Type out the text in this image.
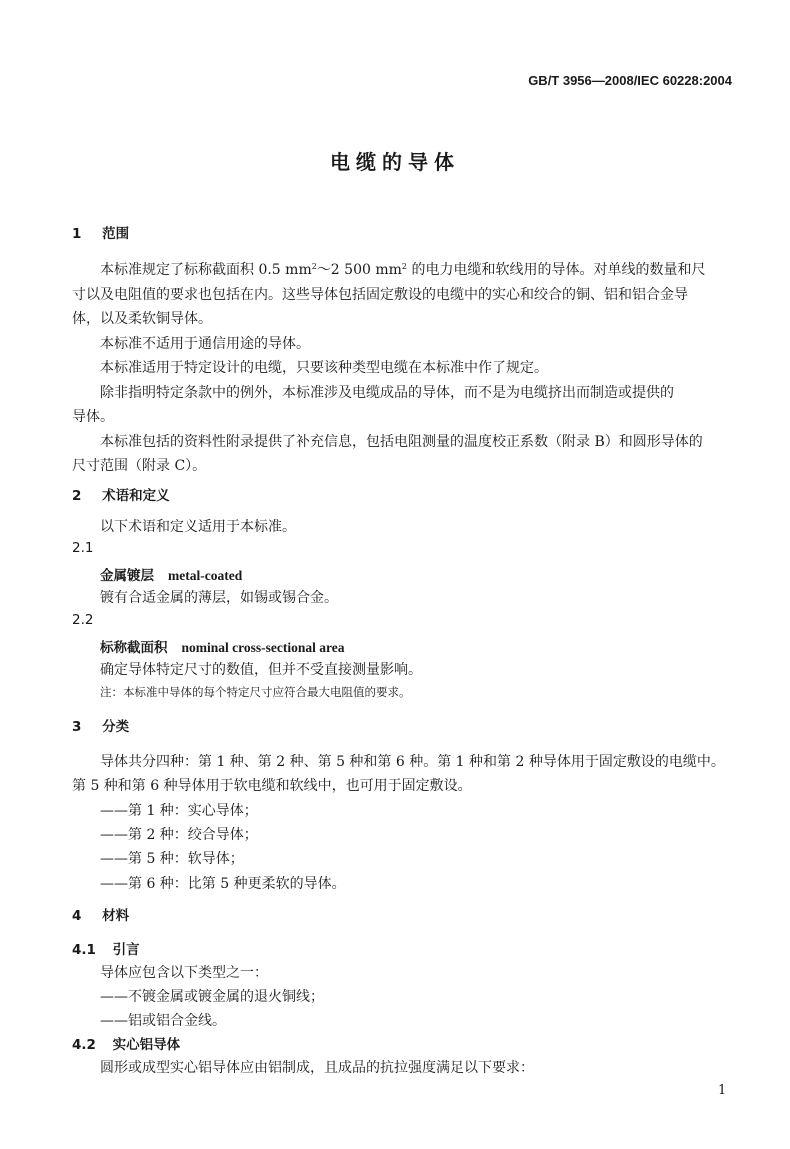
GB/T 3956—2008/IEC 60228:2004
电缆的导体
1 范围
本标准规定了标称截面积 0.5 $mm^2\sim 2$ 500 $mm^2$ 的电力电缆和软线用的导体。对单线的数量和尺
寸以及电阻值的要求也包括在内。这些导体包括固定敷设的电缆中的实心和绞合的铜、铝和铝合金导
体，以及柔软铜导体。
本标准不适用于通信用途的导体。
本标准适用于特定设计的电缆，只要该种类型电缆在本标准中作了规定。
除非指明特定条款中的例外，本标准涉及电缆成品的导体，而不是为电缆挤出而制造或提供的
导体。
本标准包括的资料性附录提供了补充信息，包括电阻测量的温度校正系数（附录 B）和圆形导体的
尺寸范围（附录 C）。
2 术语和定义
以下术语和定义适用于本标准。
2.1
金属镀层 metal-coated
镀有合适金属的薄层，如锡或锡合金。
2.2
标称截面积 nominal cross-sectional area
确定导体特定尺寸的数值，但并不受直接测量影响。
注：本标准中导体的每个特定尺寸应符合最大电阻值的要求。
3 分类
导体共分四种：第 1 种、第 2 种、第 5 种和第 6 种。第 1 种和第 2 种导体用于固定敷设的电缆中。
第 5 种和第 6 种导体用于软电缆和软线中，也可用于固定敷设。
——第 1 种：实心导体；
——第 2 种：绞合导体；
——第 5 种：软导体；
——第 6 种：比第 5 种更柔软的导体。
4 材料
4.1 引言
导体应包含以下类型之一：
——不镀金属或镀金属的退火铜线；
——铝或铝合金线。
4.2 实心铝导体
圆形或成型实心铝导体应由铝制成，且成品的抗拉强度满足以下要求：
1
